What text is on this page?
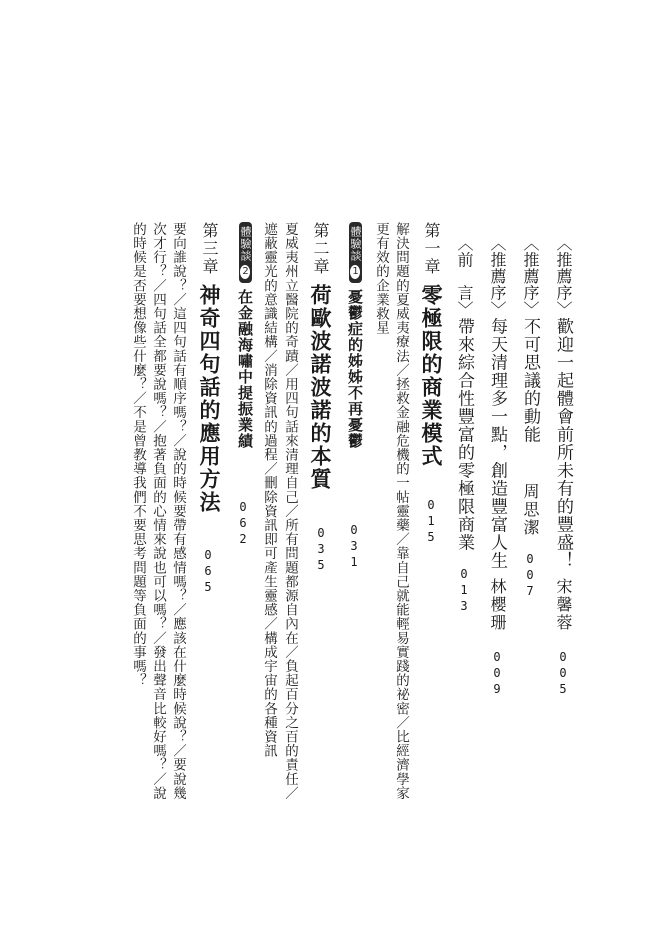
〈推薦序〉歡迎一起體會前所未有的豐盛！
宋馨蓉
005
〈推薦序〉不可思議的動能
周思潔
007
〈推薦序〉每天清理多一點，創造豐富人生
林櫻珊
009
〈前　言〉帶來綜合性豐富的零極限商業
013
第一章零極限的商業模式
015
解決問題的夏威夷療法／拯救金融危機的一帖靈藥／靠自己就能輕易實踐的祕密／比經濟學家
更有效的企業救星
體驗談1憂鬱症的姊姊不再憂鬱
031
第二章荷歐波諾波諾的本質
035
夏威夷州立醫院的奇蹟／用四句話來清理自己／所有問題都源自內在／負起百分之百的責任／
遮蔽靈光的意識結構／消除資訊的過程／刪除資訊即可產生靈感／構成宇宙的各種資訊
體驗談2在金融海嘯中提振業績
062
第三章神奇四句話的應用方法
065
要向誰說？／這四句話有順序嗎？／說的時候要帶有感情嗎？／應該在什麼時候說？／要說幾
次才行？／四句話全都要說嗎？／抱著負面的心情來說也可以嗎？／發出聲音比較好嗎？／說
的時候是否要想像些什麼？／不是曾教導我們不要思考問題等負面的事嗎？
